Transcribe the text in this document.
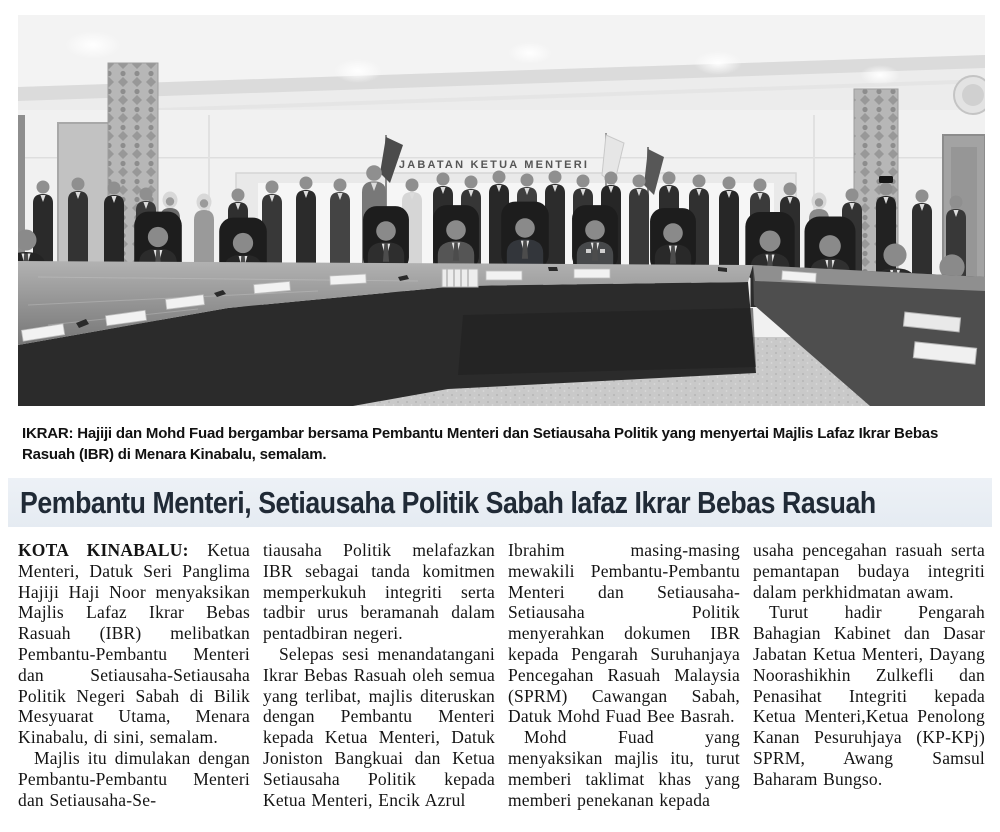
JABATAN KETUA MENTERI
IKRAR: Hajiji dan Mohd Fuad bergambar bersama Pembantu Menteri dan Setiausaha Politik yang menyertai Majlis Lafaz Ikrar Bebas Rasuah (IBR) di Menara Kinabalu, semalam.
Pembantu Menteri, Setiausaha Politik Sabah lafaz Ikrar Bebas Rasuah

KOTA KINABALU: Ketua Menteri, Datuk Seri Panglima Hajiji Haji Noor menyaksikan Majlis Lafaz Ikrar Bebas Rasuah (IBR) melibatkan Pembantu-Pembantu Menteri dan Setiausaha-Setiausaha Politik Negeri Sabah di Bilik Mesyuarat Utama, Menara Kinabalu, di sini, semalam.

Majlis itu dimulakan dengan Pembantu-Pembantu Menteri dan Setiausaha-Se-

tiausaha Politik melafazkan IBR sebagai tanda komitmen memperkukuh integriti serta tadbir urus beramanah dalam pentadbiran negeri.

Selepas sesi menandatangani Ikrar Bebas Rasuah oleh semua yang terlibat, majlis diteruskan dengan Pembantu Menteri kepada Ketua Menteri, Datuk Joniston Bangkuai dan Ketua Setiausaha Politik kepada Ketua Menteri, Encik Azrul

Ibrahim masing-masing mewakili Pembantu-Pembantu Menteri dan Setiausaha-Setiausaha Politik menyerahkan dokumen IBR kepada Pengarah Suruhanjaya Pencegahan Rasuah Malaysia (SPRM) Cawangan Sabah, Datuk Mohd Fuad Bee Basrah.

Mohd Fuad yang menyaksikan majlis itu, turut memberi taklimat khas yang memberi penekanan kepada

usaha pencegahan rasuah serta pemantapan budaya integriti dalam perkhidmatan awam.

Turut hadir Pengarah Bahagian Kabinet dan Dasar Jabatan Ketua Menteri, Dayang Noorashikhin Zulkefli dan Penasihat Integriti kepada Ketua Menteri,Ketua Penolong Kanan Pesuruhjaya (KP-KPj) SPRM, Awang Samsul Baharam Bungso.
